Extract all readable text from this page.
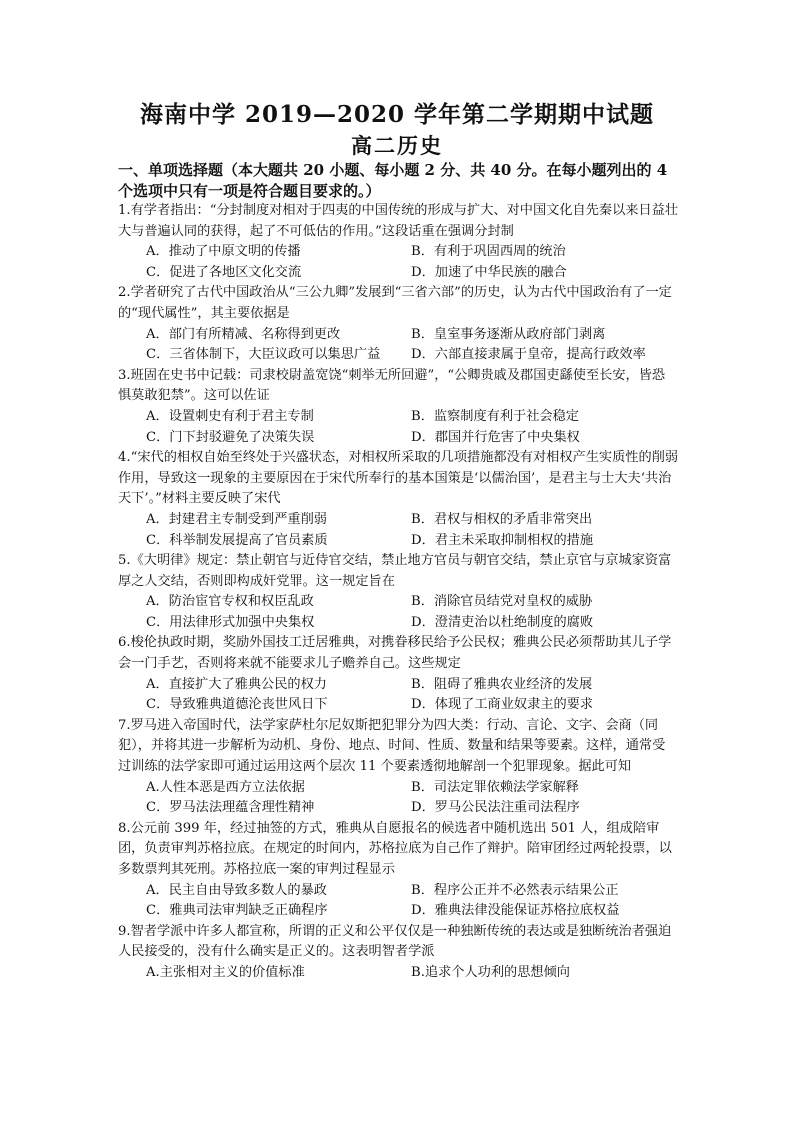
海南中学 2019—2020 学年第二学期期中试题
高二历史
一、单项选择题（本大题共 20 小题、每小题 2 分、共 40 分。在每小题列出的 4 个选项中只有一项是符合题目要求的。）

1.有学者指出：“分封制度对相对于四夷的中国传统的形成与扩大、对中国文化自先秦以来日益壮大与普遍认同的获得，起了不可低估的作用。”这段话重在强调分封制

A．推动了中原文明的传播	B．有利于巩固西周的统治
C．促进了各地区文化交流	D．加速了中华民族的融合

2.学者研究了古代中国政治从“三公九卿”发展到“三省六部”的历史，认为古代中国政治有了一定的“现代属性”，其主要依据是

A．部门有所精减、名称得到更改	B．皇室事务逐渐从政府部门剥离
C．三省体制下，大臣议政可以集思广益	D．六部直接隶属于皇帝，提高行政效率

3.班固在史书中记载：司隶校尉盖宽饶“刺举无所回避”，“公卿贵戚及郡国吏繇使至长安，皆恐惧莫敢犯禁”。这可以佐证

A．设置刺史有利于君主专制	B．监察制度有利于社会稳定
C．门下封驳避免了决策失误	D．郡国并行危害了中央集权

4.“宋代的相权自始至终处于兴盛状态，对相权所采取的几项措施都没有对相权产生实质性的削弱作用，导致这一现象的主要原因在于宋代所奉行的基本国策是‘以儒治国’，是君主与士大夫‘共治天下’。”材料主要反映了宋代

A．封建君主专制受到严重削弱	B．君权与相权的矛盾非常突出
C．科举制发展提高了官员素质	D．君主未采取抑制相权的措施

5.《大明律》规定：禁止朝官与近侍官交结，禁止地方官员与朝官交结，禁止京官与京城家资富厚之人交结，否则即构成奸党罪。这一规定旨在

A．防治宦官专权和权臣乱政	B．消除官员结党对皇权的威胁
C．用法律形式加强中央集权	D．澄清吏治以杜绝制度的腐败

6.梭伦执政时期，奖励外国技工迁居雅典，对携眷移民给予公民权；雅典公民必须帮助其儿子学会一门手艺，否则将来就不能要求儿子赡养自己。这些规定

A．直接扩大了雅典公民的权力	B．阻碍了雅典农业经济的发展
C．导致雅典道德沦丧世风日下	D．体现了工商业奴隶主的要求

7.罗马进入帝国时代，法学家萨杜尔尼奴斯把犯罪分为四大类：行动、言论、文字、会商（同犯），并将其进一步解析为动机、身份、地点、时间、性质、数量和结果等要素。这样，通常受过训练的法学家即可通过运用这两个层次 11 个要素透彻地解剖一个犯罪现象。据此可知

A.人性本恶是西方立法依据	B．司法定罪依赖法学家解释
C．罗马法法理蕴含理性精神	D．罗马公民法注重司法程序

8.公元前 399 年，经过抽签的方式，雅典从自愿报名的候选者中随机选出 501 人，组成陪审团，负责审判苏格拉底。在规定的时间内，苏格拉底为自己作了辩护。陪审团经过两轮投票，以多数票判其死刑。苏格拉底一案的审判过程显示

A．民主自由导致多数人的暴政	B．程序公正并不必然表示结果公正
C．雅典司法审判缺乏正确程序	D．雅典法律没能保证苏格拉底权益

9.智者学派中许多人都宣称，所谓的正义和公平仅仅是一种独断传统的表达或是独断统治者强迫人民接受的，没有什么确实是正义的。这表明智者学派

A.主张相对主义的价值标准	B.追求个人功利的思想倾向
